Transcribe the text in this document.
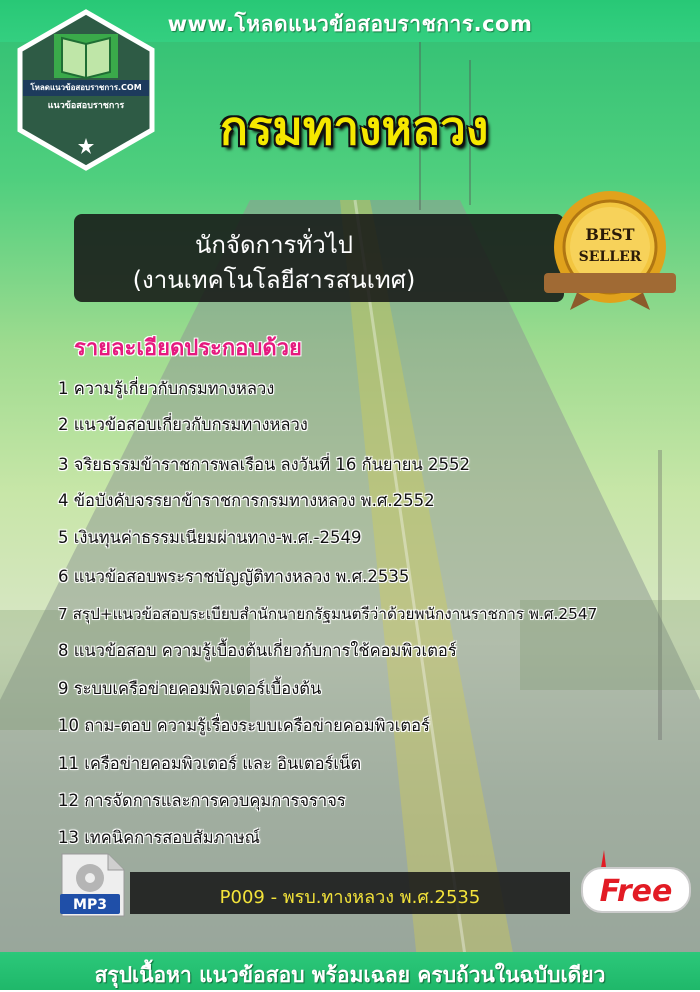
www.โหลดแนวข้อสอบราชการ.com
โหลดแนวข้อสอบราชการ.COM
แนวข้อสอบราชการ	กรมทางหลวง
นักจัดการทั่วไป
(งานเทคโนโลยีสารสนเทศ)
BEST
SELLER
รายละเอียดประกอบด้วย
1 ความรู้เกี่ยวกับกรมทางหลวง
2 แนวข้อสอบเกี่ยวกับกรมทางหลวง
3 จริยธรรมข้าราชการพลเรือน ลงวันที่ 16 กันยายน 2552
4 ข้อบังคับจรรยาข้าราชการกรมทางหลวง พ.ศ.2552
5 เงินทุนค่าธรรมเนียมผ่านทาง-พ.ศ.-2549
6 แนวข้อสอบพระราชบัญญัติทางหลวง พ.ศ.2535
7 สรุป+แนวข้อสอบระเบียบสำนักนายกรัฐมนตรีว่าด้วยพนักงานราชการ พ.ศ.2547
8 แนวข้อสอบ ความรู้เบื้องต้นเกี่ยวกับการใช้คอมพิวเตอร์
9 ระบบเครือข่ายคอมพิวเตอร์เบื้องต้น
10 ถาม-ตอบ ความรู้เรื่องระบบเครือข่ายคอมพิวเตอร์
11 เครือข่ายคอมพิวเตอร์ และ อินเตอร์เน็ต
12 การจัดการและการควบคุมการจราจร
13 เทคนิคการสอบสัมภาษณ์
MP3	P009 - พรบ.ทางหลวง พ.ศ.2535	Free
สรุปเนื้อหา แนวข้อสอบ พร้อมเฉลย ครบถ้วนในฉบับเดียว
